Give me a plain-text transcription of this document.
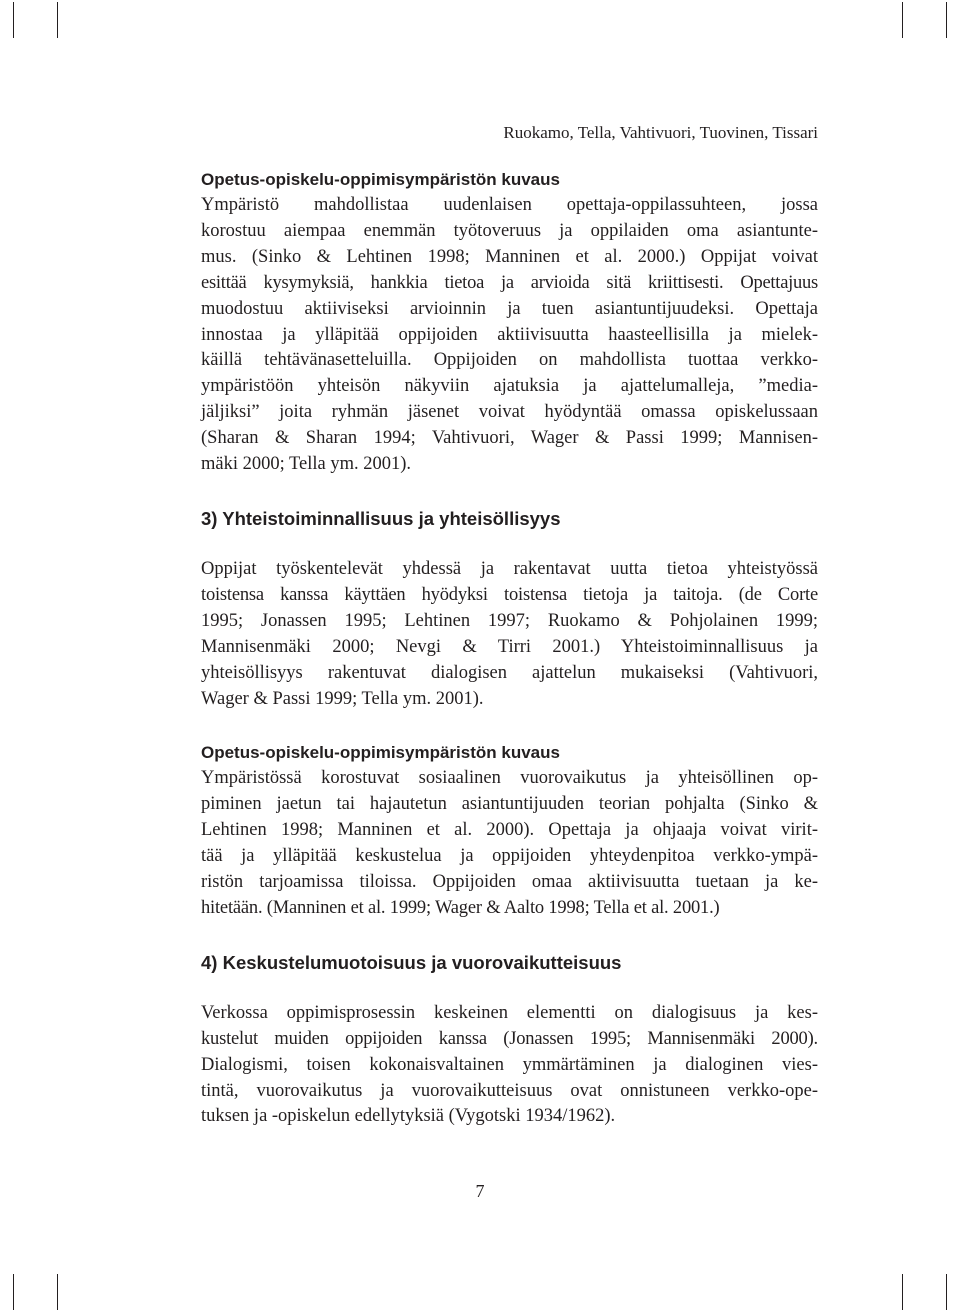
Ruokamo, Tella, Vahtivuori, Tuovinen, Tissari
Opetus-opiskelu-oppimisympäristön kuvaus

Ympäristö mahdollistaa uudenlaisen opettaja-oppilassuhteen, jossa
korostuu aiempaa enemmän työtoveruus ja oppilaiden oma asiantunte-
mus. (Sinko & Lehtinen 1998; Manninen et al. 2000.) Oppijat voivat
esittää kysymyksiä, hankkia tietoa ja arvioida sitä kriittisesti. Opettajuus
muodostuu aktiiviseksi arvioinnin ja tuen asiantuntijuudeksi. Opettaja
innostaa ja ylläpitää oppijoiden aktiivisuutta haasteellisilla ja mielek-
käillä tehtävänasetteluilla. Oppijoiden on mahdollista tuottaa verkko-
ympäristöön yhteisön näkyviin ajatuksia ja ajattelumalleja, ”media-
jäljiksi” joita ryhmän jäsenet voivat hyödyntää omassa opiskelussaan
(Sharan & Sharan 1994; Vahtivuori, Wager & Passi 1999; Mannisen-
mäki 2000; Tella ym. 2001).

3) Yhteistoiminnallisuus ja yhteisöllisyys

Oppijat työskentelevät yhdessä ja rakentavat uutta tietoa yhteistyössä
toistensa kanssa käyttäen hyödyksi toistensa tietoja ja taitoja. (de Corte
1995; Jonassen 1995; Lehtinen 1997; Ruokamo & Pohjolainen 1999;
Mannisenmäki 2000; Nevgi & Tirri 2001.) Yhteistoiminnallisuus ja
yhteisöllisyys rakentuvat dialogisen ajattelun mukaiseksi (Vahtivuori,
Wager & Passi 1999; Tella ym. 2001).

Opetus-opiskelu-oppimisympäristön kuvaus

Ympäristössä korostuvat sosiaalinen vuorovaikutus ja yhteisöllinen op-
piminen jaetun tai hajautetun asiantuntijuuden teorian pohjalta (Sinko &
Lehtinen 1998; Manninen et al. 2000). Opettaja ja ohjaaja voivat virit-
tää ja ylläpitää keskustelua ja oppijoiden yhteydenpitoa verkko-ympä-
ristön tarjoamissa tiloissa. Oppijoiden omaa aktiivisuutta tuetaan ja ke-
hitetään. (Manninen et al. 1999; Wager & Aalto 1998; Tella et al. 2001.)

4) Keskustelumuotoisuus ja vuorovaikutteisuus

Verkossa oppimisprosessin keskeinen elementti on dialogisuus ja kes-
kustelut muiden oppijoiden kanssa (Jonassen 1995; Mannisenmäki 2000).
Dialogismi, toisen kokonaisvaltainen ymmärtäminen ja dialoginen vies-
tintä, vuorovaikutus ja vuorovaikutteisuus ovat onnistuneen verkko-ope-
tuksen ja -opiskelun edellytyksiä (Vygotski 1934/1962).

7
